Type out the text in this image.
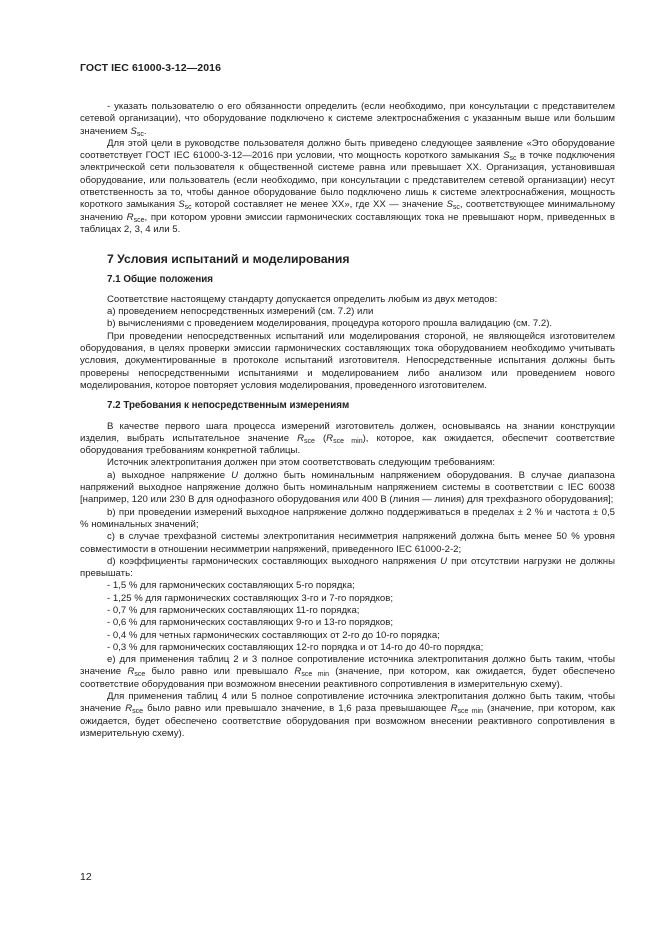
ГОСТ IEC 61000-3-12—2016

- указать пользователю о его обязанности определить (если необходимо, при консультации с представителем сетевой организации), что оборудование подключено к системе электроснабжения с указанным выше или большим значением $S_{sc}$.

Для этой цели в руководстве пользователя должно быть приведено следующее заявление «Это оборудование соответствует ГОСТ IEC 61000-3-12—2016 при условии, что мощность короткого замыкания $S_{sc}$ в точке подключения электрической сети пользователя к общественной системе равна или превышает XX. Организация, установившая оборудование, или пользователь (если необходимо, при консультации с представителем сетевой организации) несут ответственность за то, чтобы данное оборудование было подключено лишь к системе электроснабжения, мощность короткого замыкания $S_{sc}$ которой составляет не менее XX», где XX — значение $S_{sc}$, соответствующее минимальному значению $R_{sce}$, при котором уровни эмиссии гармонических составляющих тока не превышают норм, приведенных в таблицах 2, 3, 4 или 5.

7 Условия испытаний и моделирования

7.1 Общие положения

Соответствие настоящему стандарту допускается определить любым из двух методов:

а) проведением непосредственных измерений (см. 7.2) или

b) вычислениями с проведением моделирования, процедура которого прошла валидацию (см. 7.2).

При проведении непосредственных испытаний или моделирования стороной, не являющейся изготовителем оборудования, в целях проверки эмиссии гармонических составляющих тока оборудованием необходимо учитывать условия, документированные в протоколе испытаний изготовителя. Непосредственные испытания должны быть проверены непосредственными испытаниями и моделированием либо анализом или проведением нового моделирования, которое повторяет условия моделирования, проведенного изготовителем.

7.2 Требования к непосредственным измерениям

В качестве первого шага процесса измерений изготовитель должен, основываясь на знании конструкции изделия, выбрать испытательное значение $R_{sce}$ $(R_{sce min})$, которое, как ожидается, обеспечит соответствие оборудования требованиям конкретной таблицы.

Источник электропитания должен при этом соответствовать следующим требованиям:

а) выходное напряжение U должно быть номинальным напряжением оборудования. В случае диапазона напряжений выходное напряжение должно быть номинальным напряжением системы в соответствии с IEC 60038 [например, 120 или 230 В для однофазного оборудования или 400 В (линия — линия) для трехфазного оборудования];

b) при проведении измерений выходное напряжение должно поддерживаться в пределах ± 2 % и частота ± 0,5 % номинальных значений;

с) в случае трехфазной системы электропитания несимметрия напряжений должна быть менее 50 % уровня совместимости в отношении несимметрии напряжений, приведенного IEC 61000-2-2;

d) коэффициенты гармонических составляющих выходного напряжения U при отсутствии нагрузки не должны превышать:

- 1,5 % для гармонических составляющих 5-го порядка;

- 1,25 % для гармонических составляющих 3-го и 7-го порядков;

- 0,7 % для гармонических составляющих 11-го порядка;

- 0,6 % для гармонических составляющих 9-го и 13-го порядков;

- 0,4 % для четных гармонических составляющих от 2-го до 10-го порядка;

- 0,3 % для гармонических составляющих 12-го порядка и от 14-го до 40-го порядка;

е) для применения таблиц 2 и 3 полное сопротивление источника электропитания должно быть таким, чтобы значение $R_{sce}$ было равно или превышало $R_{sce min}$ (значение, при котором, как ожидается, будет обеспечено соответствие оборудования при возможном внесении реактивного сопротивления в измерительную схему).

Для применения таблиц 4 или 5 полное сопротивление источника электропитания должно быть таким, чтобы значение $R_{sce}$ было равно или превышало значение, в 1,6 раза превышающее $R_{sce min}$ (значение, при котором, как ожидается, будет обеспечено соответствие оборудования при возможном внесении реактивного сопротивления в измерительную схему).

12
